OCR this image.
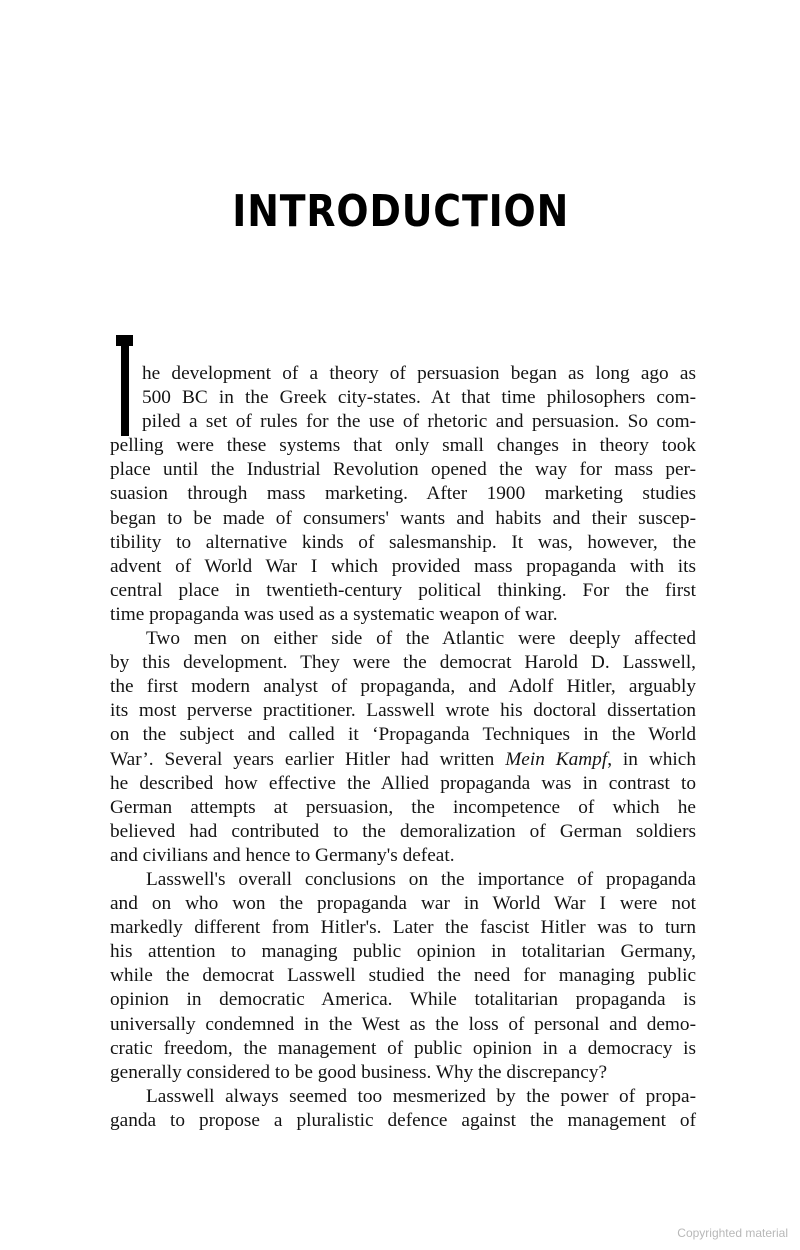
INTRODUCTION

he development of a theory of persuasion began as long ago as
500 BC in the Greek city-states. At that time philosophers com-
piled a set of rules for the use of rhetoric and persuasion. So com-
pelling were these systems that only small changes in theory took
place until the Industrial Revolution opened the way for mass per-
suasion through mass marketing. After 1900 marketing studies
began to be made of consumers' wants and habits and their suscep-
tibility to alternative kinds of salesmanship. It was, however, the
advent of World War I which provided mass propaganda with its
central place in twentieth-century political thinking. For the first
time propaganda was used as a systematic weapon of war.

Two men on either side of the Atlantic were deeply affected
by this development. They were the democrat Harold D. Lasswell,
the first modern analyst of propaganda, and Adolf Hitler, arguably
its most perverse practitioner. Lasswell wrote his doctoral dissertation
on the subject and called it ‘Propaganda Techniques in the World
War’. Several years earlier Hitler had written Mein Kampf, in which
he described how effective the Allied propaganda was in contrast to
German attempts at persuasion, the incompetence of which he
believed had contributed to the demoralization of German soldiers
and civilians and hence to Germany's defeat.

Lasswell's overall conclusions on the importance of propaganda
and on who won the propaganda war in World War I were not
markedly different from Hitler's. Later the fascist Hitler was to turn
his attention to managing public opinion in totalitarian Germany,
while the democrat Lasswell studied the need for managing public
opinion in democratic America. While totalitarian propaganda is
universally condemned in the West as the loss of personal and demo-
cratic freedom, the management of public opinion in a democracy is
generally considered to be good business. Why the discrepancy?

Lasswell always seemed too mesmerized by the power of propa-
ganda to propose a pluralistic defence against the management of

Copyrighted material
